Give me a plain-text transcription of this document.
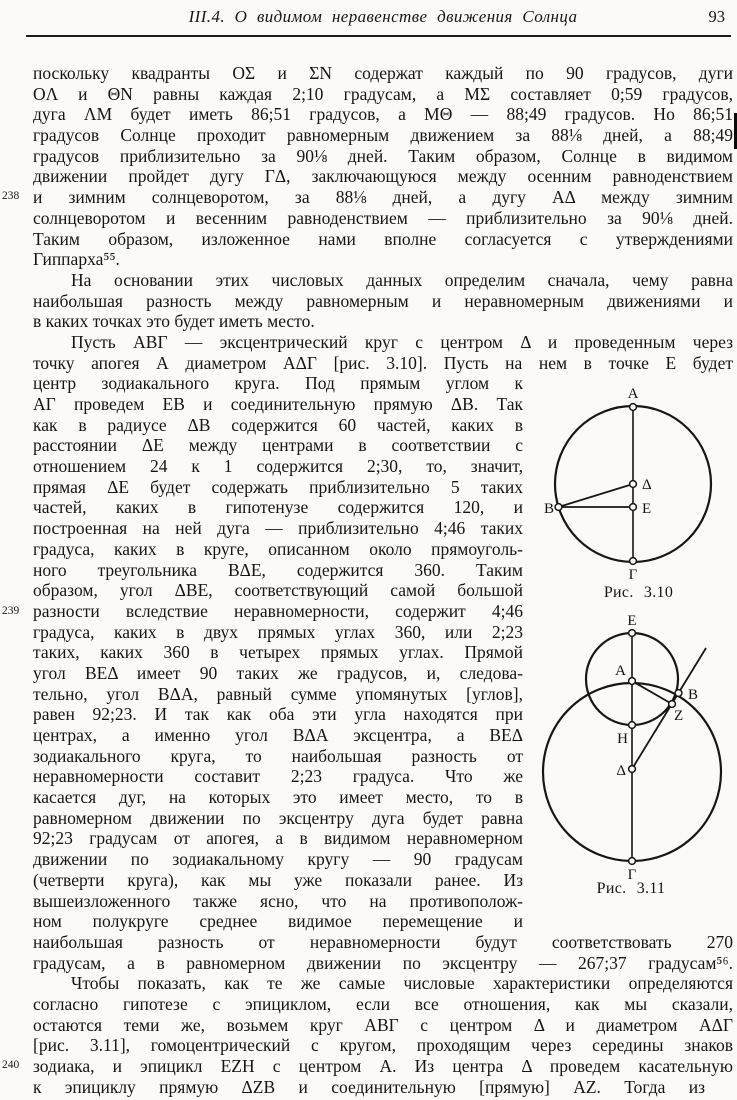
III.4. О видимом неравенстве движения Солнца	93
поскольку квадранты ОΣ и ΣN содержат каждый по 90 градусов, дуги
ОΛ и ΘN равны каждая 2;10 градусам, а МΣ составляет 0;59 градусов,
дуга ΛМ будет иметь 86;51 градусов, а МΘ — 88;49 градусов. Но 86;51
градусов Солнце проходит равномерным движением за 88⅛ дней, а 88;49
градусов приблизительно за 90⅛ дней. Таким образом, Солнце в видимом
движении пройдет дугу ГΔ, заключающуюся между осенним равноденствием
и зимним солнцеворотом, за 88⅛ дней, а дугу АΔ между зимним
солнцеворотом и весенним равноденствием — приблизительно за 90⅛ дней.
Таким образом, изложенное нами вполне согласуется с утверждениями
Гиппарха⁵⁵.
На основании этих числовых данных определим сначала, чему равна
наибольшая разность между равномерным и неравномерным движениями и
в каких точках это будет иметь место.
Пусть АВГ — эксцентрический круг с центром Δ и проведенным через
точку апогея А диаметром АΔГ [рис. 3.10]. Пусть на нем в точке Е будет
центр зодиакального круга. Под прямым углом к
АГ проведем ЕВ и соединительную прямую ΔВ. Так
как в радиусе ΔВ содержится 60 частей, каких в
расстоянии ΔЕ между центрами в соответствии с
отношением 24 к 1 содержится 2;30, то, значит,
прямая ΔЕ будет содержать приблизительно 5 таких
частей, каких в гипотенузе содержится 120, и
построенная на ней дуга — приблизительно 4;46 таких
градуса, каких в круге, описанном около прямоуголь-
ного треугольника ВΔЕ, содержится 360. Таким
образом, угол ΔВЕ, соответствующий самой большой
разности вследствие неравномерности, содержит 4;46
градуса, каких в двух прямых углах 360, или 2;23
таких, каких 360 в четырех прямых углах. Прямой
угол ВЕΔ имеет 90 таких же градусов, и, следова-
тельно, угол ВΔА, равный сумме упомянутых [углов],
равен 92;23. И так как оба эти угла находятся при
центрах, а именно угол ВΔА эксцентра, а ВЕΔ
зодиакального круга, то наибольшая разность от
неравномерности составит 2;23 градуса. Что же
касается дуг, на которых это имеет место, то в
равномерном движении по эксцентру дуга будет равна
92;23 градусам от апогея, а в видимом неравномерном
движении по зодиакальному кругу — 90 градусам
(четверти круга), как мы уже показали ранее. Из
вышеизложенного также ясно, что на противополож-
ном полукруге среднее видимое перемещение и
наибольшая разность от неравномерности будут соответствовать 270
градусам, а в равномерном движении по эксцентру — 267;37 градусам⁵⁶.
Чтобы показать, как те же самые числовые характеристики определяются
согласно гипотезе с эпициклом, если все отношения, как мы сказали,
остаются теми же, возьмем круг АВГ с центром Δ и диаметром АΔГ
[рис. 3.11], гомоцентрический с кругом, проходящим через середины знаков
зодиака, и эпицикл EZH с центром А. Из центра Δ проведем касательную
к эпициклу прямую ΔZB и соединительную [прямую] AZ. Тогда из
238
239
240
А
Δ
Е
В
Г
Рис. 3.10
Е
А
В
Z
Н
Δ
Г
Рис. 3.11
